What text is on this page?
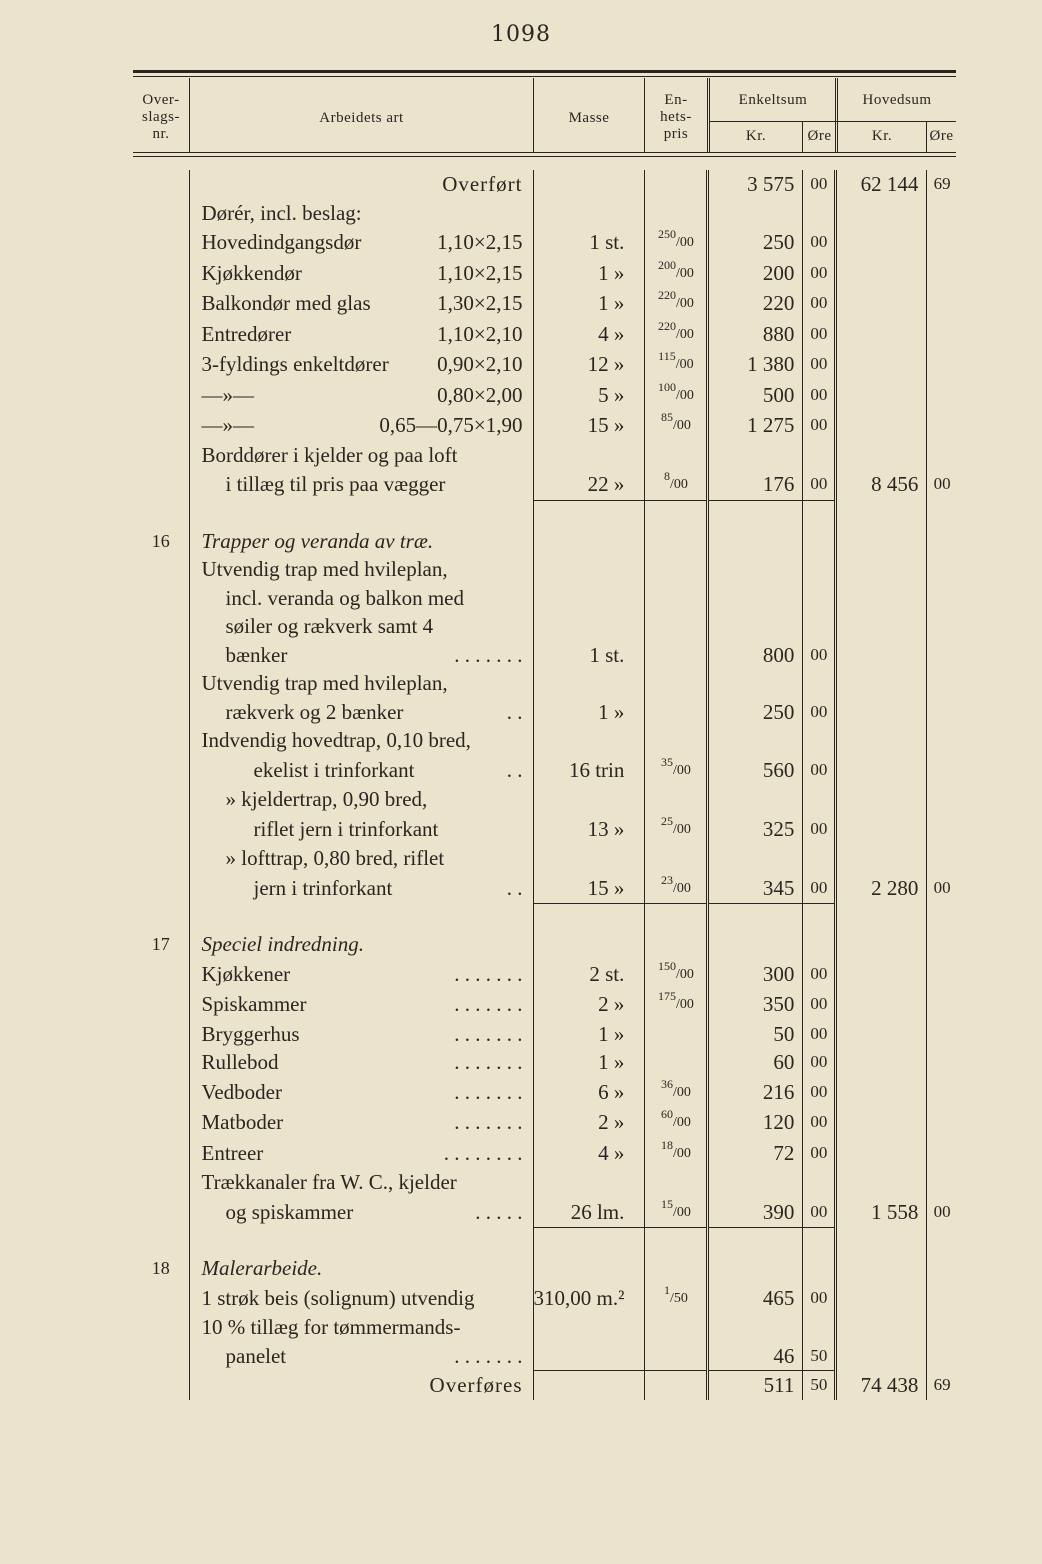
1098
Over-
slags-
nr.
Arbeidets art	Masse
En-
hets-
pris
Enkeltsum	Hovedsum
Kr.	Øre	Kr.	Øre

	Overført			3 575	00	62 144	69

	Dørér, incl. beslag:						

	Hovedindgangsdør 1,10×2,15	1 st.	$^{250}$/00	250	00		

	Kjøkkendør 1,10×2,15	1 »	$^{200}$/00	200	00		

	Balkondør med glas 1,30×2,15	1 »	$^{220}$/00	220	00		

	Entredører 1,10×2,10	4 »	$^{220}$/00	880	00		

	3-fyldings enkeltdører 0,90×2,10	12 »	$^{115}$/00	1 380	00		

	—»— 0,80×2,00	5 »	$^{100}$/00	500	00		

	—»— 0,65—0,75×1,90	15 »	$^{85}$/00	1 275	00		

	Borddører i kjelder og paa loft						

	i tillæg til pris paa vægger	22 »	$^8$/00	176	00	8 456	00

16	Trapper og veranda av træ.						

	Utvendig trap med hvileplan,						

	incl. veranda og balkon med						

	søiler og rækverk samt 4						

	bænker . . . . . . .	1 st.		800	00		

	Utvendig trap med hvileplan,						

	rækverk og 2 bænker . .	1 »		250	00		

	Indvendig hovedtrap, 0,10 bred,						

	ekelist i trinforkant . .	16 trin	$^{35}$/00	560	00		

	» kjeldertrap, 0,90 bred,						

	riflet jern i trinforkant	13 »	$^{25}$/00	325	00		

	» lofttrap, 0,80 bred, riflet						

	jern i trinforkant . .	15 »	$^{23}$/00	345	00	2 280	00

17	Speciel indredning.						

	Kjøkkener . . . . . . .	2 st.	$^{150}$/00	300	00		

	Spiskammer . . . . . . .	2 »	$^{175}$/00	350	00		

	Bryggerhus . . . . . . .	1 »		50	00		

	Rullebod . . . . . . .	1 »		60	00		

	Vedboder . . . . . . .	6 »	$^{36}$/00	216	00		

	Matboder . . . . . . .	2 »	$^{60}$/00	120	00		

	Entreer . . . . . . . .	4 »	$^{18}$/00	72	00		

	Trækkanaler fra W. C., kjelder						

	og spiskammer . . . . .	26 lm.	$^{15}$/00	390	00	1 558	00

18	Malerarbeide.						

	1 strøk beis (solignum) utvendig	310,00 m.²	$^1$/50	465	00		

	10 % tillæg for tømmermands-						

	panelet . . . . . . .			46	50		

	Overføres			511	50	74 438	69
